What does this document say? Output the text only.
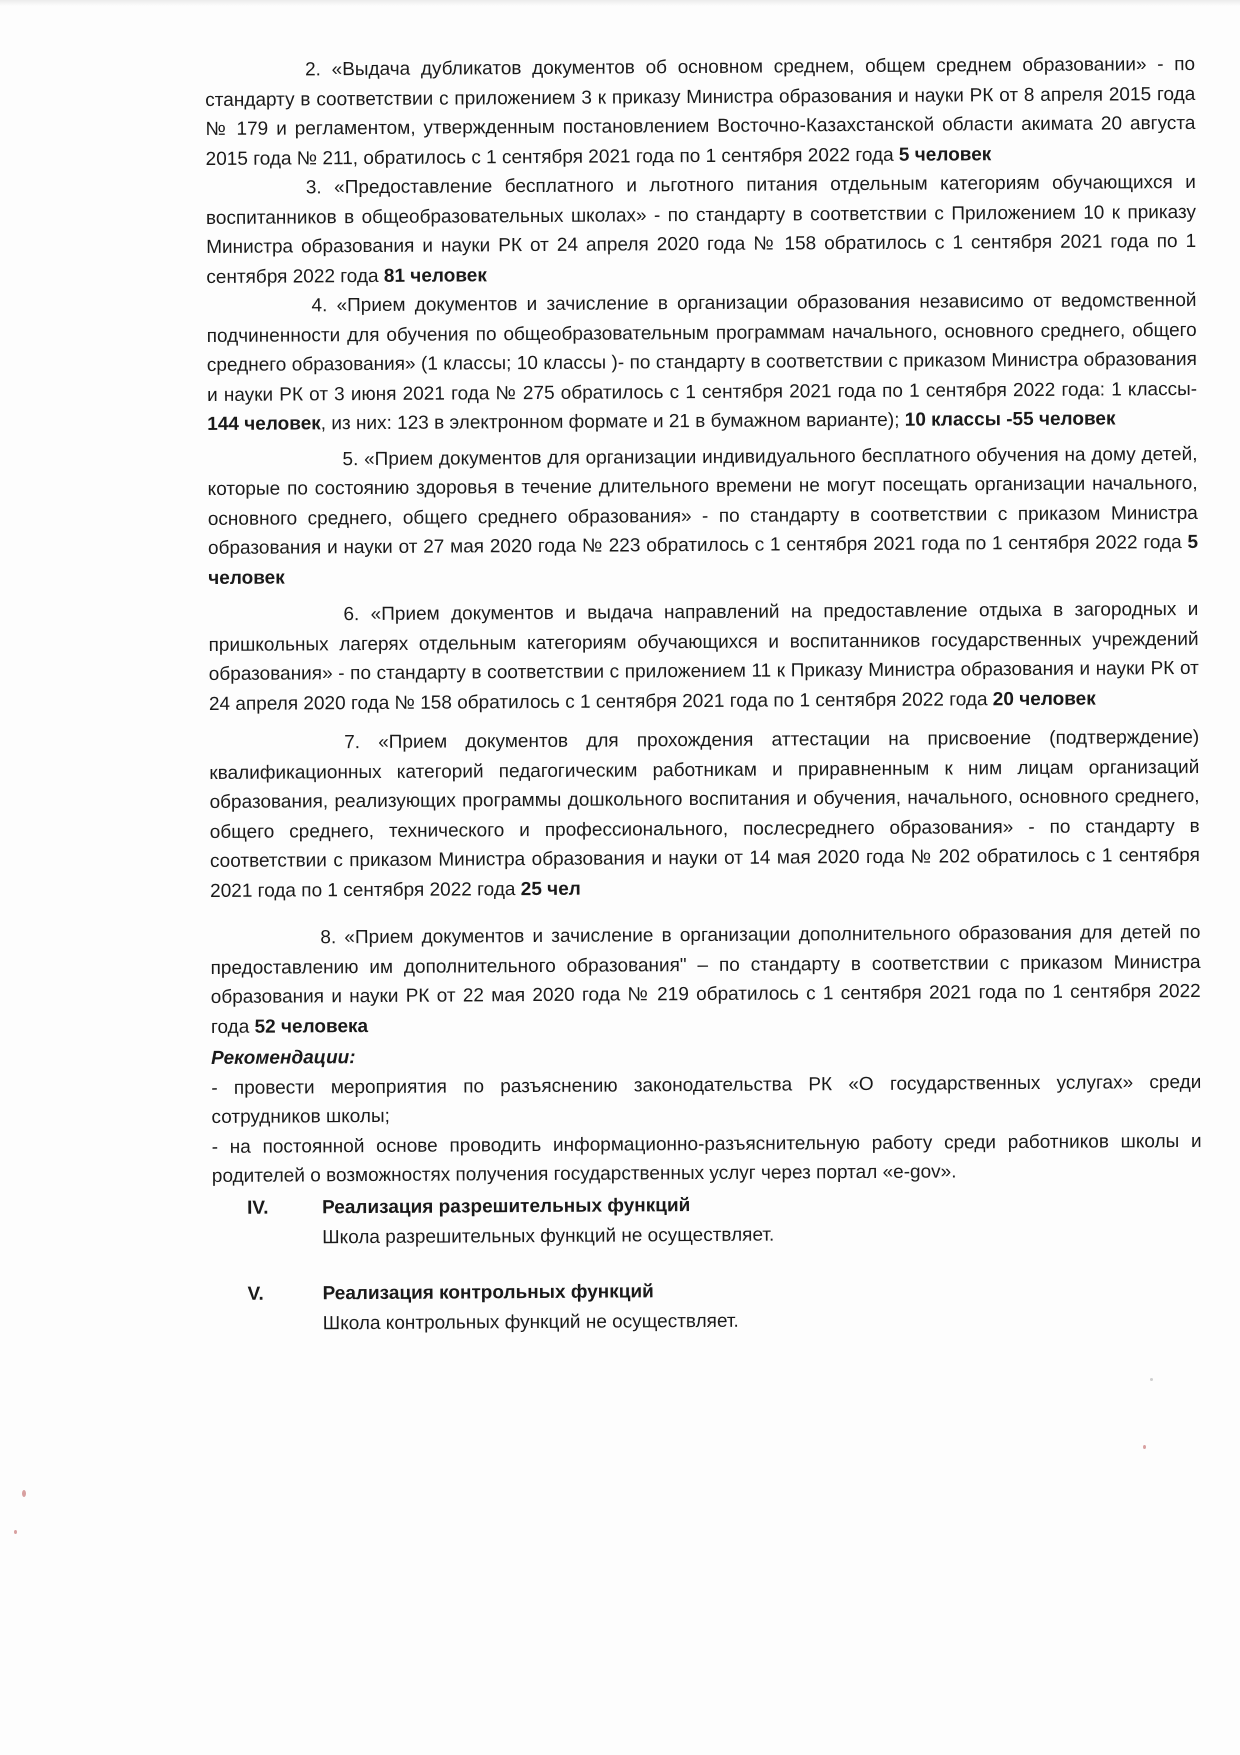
2. «Выдача дубликатов документов об основном среднем, общем среднем образовании» - по стандарту в соответствии с приложением 3 к приказу Министра образования и науки РК от 8 апреля 2015 года № 179 и регламентом, утвержденным постановлением Восточно-Казахстанской области акимата 20 августа 2015 года № 211, обратилось с 1 сентября 2021 года по 1 сентября 2022 года 5 человек

3. «Предоставление бесплатного и льготного питания отдельным категориям обучающихся и воспитанников в общеобразовательных школах» - по стандарту в соответствии с Приложением 10 к приказу Министра образования и науки РК от 24 апреля 2020 года № 158 обратилось с 1 сентября 2021 года по 1 сентября 2022 года 81 человек

4. «Прием документов и зачисление в организации образования независимо от ведомственной подчиненности для обучения по общеобразовательным программам начального, основного среднего, общего среднего образования» (1 классы; 10 классы )- по стандарту в соответствии с приказом Министра образования и науки РК от 3 июня 2021 года № 275 обратилось с 1 сентября 2021 года по 1 сентября 2022 года: 1 классы- 144 человек, из них: 123 в электронном формате и 21 в бумажном варианте); 10 классы -55 человек

5. «Прием документов для организации индивидуального бесплатного обучения на дому детей, которые по состоянию здоровья в течение длительного времени не могут посещать организации начального, основного среднего, общего среднего образования» - по стандарту в соответствии с приказом Министра образования и науки от 27 мая 2020 года № 223 обратилось с 1 сентября 2021 года по 1 сентября 2022 года 5 человек

6. «Прием документов и выдача направлений на предоставление отдыха в загородных и пришкольных лагерях отдельным категориям обучающихся и воспитанников государственных учреждений образования» - по стандарту в соответствии с приложением 11 к Приказу Министра образования и науки РК от 24 апреля 2020 года № 158 обратилось с 1 сентября 2021 года по 1 сентября 2022 года 20 человек

7. «Прием документов для прохождения аттестации на присвоение (подтверждение) квалификационных категорий педагогическим работникам и приравненным к ним лицам организаций образования, реализующих программы дошкольного воспитания и обучения, начального, основного среднего, общего среднего, технического и профессионального, послесреднего образования» - по стандарту в соответствии с приказом Министра образования и науки от 14 мая 2020 года № 202 обратилось с 1 сентября 2021 года по 1 сентября 2022 года 25 чел

8. «Прием документов и зачисление в организации дополнительного образования для детей по предоставлению им дополнительного образования" – по стандарту в соответствии с приказом Министра образования и науки РК от 22 мая 2020 года № 219 обратилось с 1 сентября 2021 года по 1 сентября 2022 года 52 человека

Рекомендации:

- провести мероприятия по разъяснению законодательства РК «О государственных услугах» среди сотрудников школы;

- на постоянной основе проводить информационно-разъяснительную работу среди работников школы и родителей о возможностях получения государственных услуг через портал «e-gov».

IV.	Реализация разрешительных функций
Школа разрешительных функций не осуществляет.
V.	Реализация контрольных функций
Школа контрольных функций не осуществляет.
